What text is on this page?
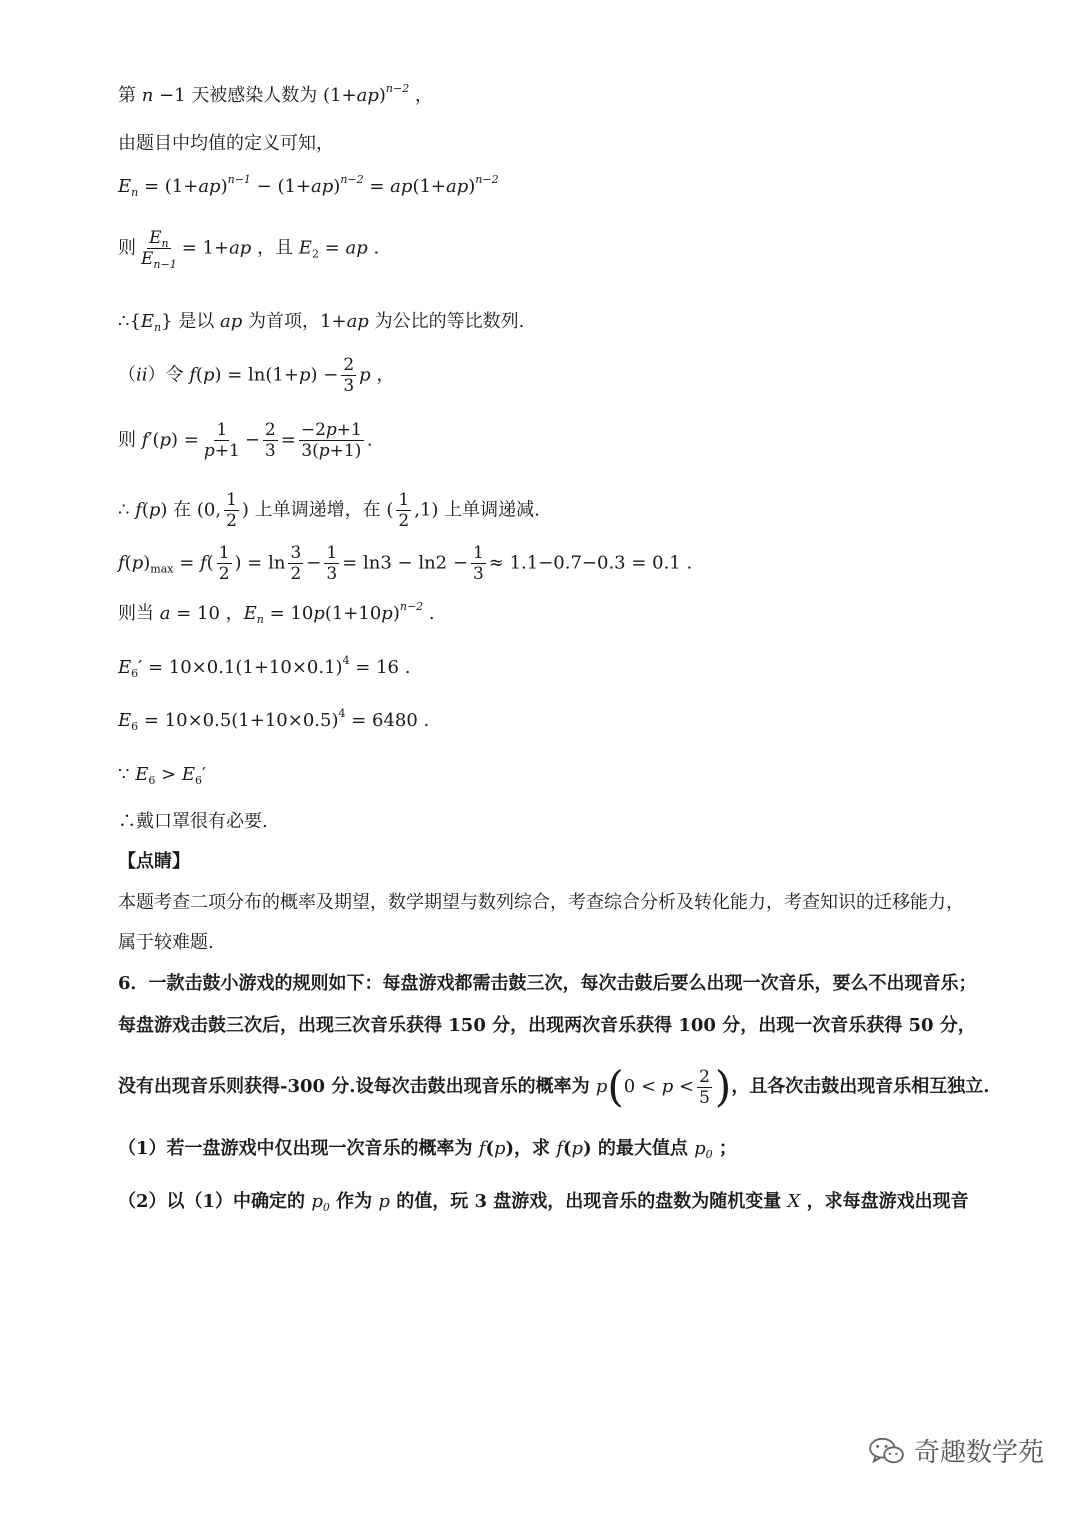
第 n −1 天被感染人数为 $(1+ap)^{n-2}$ ，
由题目中均值的定义可知，
$E_n = (1+ap)^{n-1} - (1+ap)^{n-2} = ap(1+ap)^{n-2}$
则 $\frac{E_n}{E_{n-1}} = 1+ap$ ，且 $E_2$ = ap .
$\therefore\{E_n\}$ 是以 ap 为首项，1+ap 为公比的等比数列.
（ii）令 $f(p) = \ln(1+p) - \frac{2}{3}$ p ，
则 $f'(p) = \frac{1}{p+1} - \frac{2}{3} = \frac{-2p+1}{3(p+1)}$ .
∴ f(p) 在 (0, $\frac{1}{2}$ ) 上单调递增，在 ( $\frac{1}{2} ,1$) 上单调递减.
$f(p)_{max} = f( \frac{1}{2}$ ) = $\ln \frac{3}{2} - \frac{1}{3} = \ln 3 - \ln 2 - \frac{1}{3} \approx 1.1-0.7-0.3 = 0.1$ .
则当 a = 10 ，$E_n = 10p(1+10p)^{n-2}$ .
$E_6' = 10\times 0.1(1+10\times 0.1)^4 = 16$ .
$E_6 = 10\times 0.5(1+10\times 0.5)^4 = 6480$ .
∵ $E_6 > E_6'$
∴戴口罩很有必要.
【点睛】
本题考查二项分布的概率及期望，数学期望与数列综合，考查综合分析及转化能力，考查知识的迁移能力，
属于较难题.
6．一款击鼓小游戏的规则如下：每盘游戏都需击鼓三次，每次击鼓后要么出现一次音乐，要么不出现音乐；
每盘游戏击鼓三次后，出现三次音乐获得 150 分，出现两次音乐获得 100 分，出现一次音乐获得 50 分，
没有出现音乐则获得-300 分.设每次击鼓出现音乐的概率为 $p(0 < p < \frac{2}{5}$ )，且各次击鼓出现音乐相互独立.
（1）若一盘游戏中仅出现一次音乐的概率为 f(p)，求 f(p) 的最大值点 $p_0$ ；
（2）以（1）中确定的 $p_0$ 作为 p 的值，玩 3 盘游戏，出现音乐的盘数为随机变量 X ，求每盘游戏出现音
奇趣数学苑
